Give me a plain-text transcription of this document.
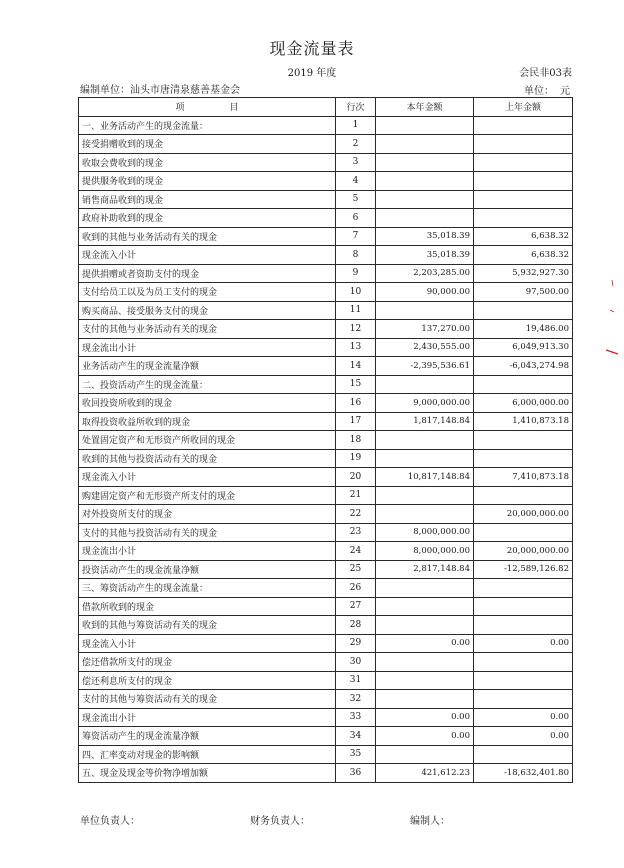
现金流量表
2019 年度	会民非03表
编制单位：汕头市唐清泉慈善基金会	单位： 元
项　　　　　目	行次	本年金额	上年金额
一、业务活动产生的现金流量：	1		
接受捐赠收到的现金	2		
收取会费收到的现金	3		
提供服务收到的现金	4		
销售商品收到的现金	5		
政府补助收到的现金	6		
收到的其他与业务活动有关的现金	7	35,018.39	6,638.32
现金流入小计	8	35,018.39	6,638.32
提供捐赠或者资助支付的现金	9	2,203,285.00	5,932,927.30
支付给员工以及为员工支付的现金	10	90,000.00	97,500.00
购买商品、接受服务支付的现金	11		
支付的其他与业务活动有关的现金	12	137,270.00	19,486.00
现金流出小计	13	2,430,555.00	6,049,913.30
业务活动产生的现金流量净额	14	-2,395,536.61	-6,043,274.98
二、投资活动产生的现金流量：	15		
收回投资所收到的现金	16	9,000,000.00	6,000,000.00
取得投资收益所收到的现金	17	1,817,148.84	1,410,873.18
处置固定资产和无形资产所收回的现金	18		
收到的其他与投资活动有关的现金	19		
现金流入小计	20	10,817,148.84	7,410,873.18
购建固定资产和无形资产所支付的现金	21		
对外投资所支付的现金	22		20,000,000.00
支付的其他与投资活动有关的现金	23	8,000,000.00	
现金流出小计	24	8,000,000.00	20,000,000.00
投资活动产生的现金流量净额	25	2,817,148.84	-12,589,126.82
三、筹资活动产生的现金流量：	26		
借款所收到的现金	27		
收到的其他与筹资活动有关的现金	28		
现金流入小计	29	0.00	0.00
偿还借款所支付的现金	30		
偿还利息所支付的现金	31		
支付的其他与筹资活动有关的现金	32		
现金流出小计	33	0.00	0.00
筹资活动产生的现金流量净额	34	0.00	0.00
四、汇率变动对现金的影响额	35		
五、现金及现金等价物净增加额	36	421,612.23	-18,632,401.80
单位负责人：	财务负责人：	编制人：
